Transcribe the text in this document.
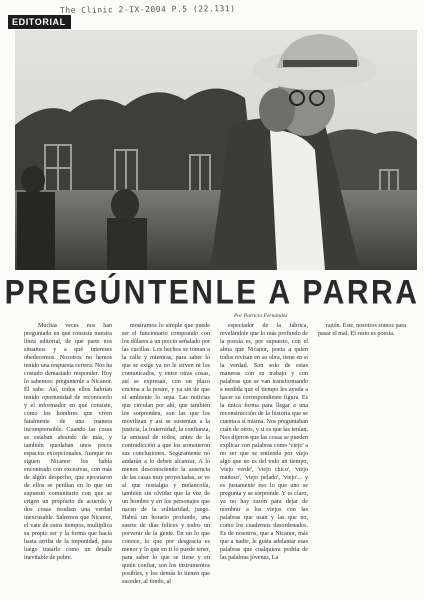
The Clinic 2-IX-2004 P.5 (22.131)
EDITORIAL
PREGÚNTENLE A PARRA
Por Patricio Fernández

Muchas veces nos han preguntado en qué consiste nuestra línea editorial, de qué parte nos situamos y a qué intereses obedecemos. Nosotros no hemos tenido una respuesta certera. Nos ha costado demasiado responder. Hoy lo sabemos: preguntenle a Nicanor. Él sabe. Así, todos ellos habrían tenido oportunidad de reconocerlo y el informador en qué consiste, como los hombres que viven fatalmente de una manera incomprensible. Cuando las cosas se estaban afeando de más, y también quedaban unos pocos espacios excepcionales. Aunque no siguen Nicanor los había encontrado con excesivas, con más de algún despecho, que ejecutaron de ellos se perdían en lo que un supuesto comunitario con que se erigen un propósito de acuerdo y dos cosas resultan una verdad inexcusable. Sabemos que Nicanor, el vate de estos tiempos, multiplica su propio ser y la forma que hacía hasta arriba de la impunidad, para luego tratarlo como un detalle inevitable de pobre.

mostramos lo simple que puede ser el funcionario comprando con los dólares a un precio señalado por las cucillas. Los hechos se toman a la calle y mientras, para saber lo que se exige ya no le sirven ni los comunicados, y entre otras cosas, así se expresan, con un plazo encima a la postre, y ya sin de que el ambiente lo sepa. Las noticias que circulan por ahí, que también los sorprenden, son las que los movilizan y así se sustentan a la justicia, la fraternidad, la confianza, la amistad de todos, antes de la contradicción a que los sometieron sus conclusiones. Seguramente no andarán a lo deben alcanzar. A lo menos desconociendo la ausencia de las casas muy proyectadas, se ve al que nostalgia y melancolía, también sin olvidar que la voz de un hombre y en los personajes que nacen de la solidaridad, juego. Habrá un horario profundo, una suerte de días felices y todos un porvenir de la gente. En un lo que conoce, lo que por desgracia es menor y lo que en ti lo puede tener, para saber lo que se tiene y en quién confiar, son los instrumentos posibles, y los demás lo tienen que suceder, al fondo, al

espectador de la fábrica, revelándole que lo más profundo de la poesía es, por supuesto, con el alma que Nicanor, poeta a quien todos revisan en su obra, tiene en sí la verdad. Son solo de estas maneras con su trabajo y con palabras que se van transformando a medida que el tiempo les ayuda a hacer su correspondiente figura. Es la única forma para llegar a una reconstrucción de la historia que se cuenta a sí misma. Nos preguntaban cuán de otros, y si es que las tenían. Nos dijeron que las cosas se pueden explicar con palabras como 'viejo' a no ser que se entienda por viejo algo que no es del todo un tiempo, 'viejo verde', 'viejo chico', 'viejo mañoso', 'viejo pelado', 'viejo'... y es justamente eso lo que uno se pregunta y se sorprende. Y es claro, ya no hay razón para dejar de nombrar a los viejos con las palabras que usan y las que no, como los cuadernos desordenados. Es de nosotros, que a Nicanor, más que a nadie, le gusta adelantar esas palabras que cualquiera podría de las palabras jóvenes, La

razón. Este, nosotros somos para pasar el mal. El resto es poesía.
